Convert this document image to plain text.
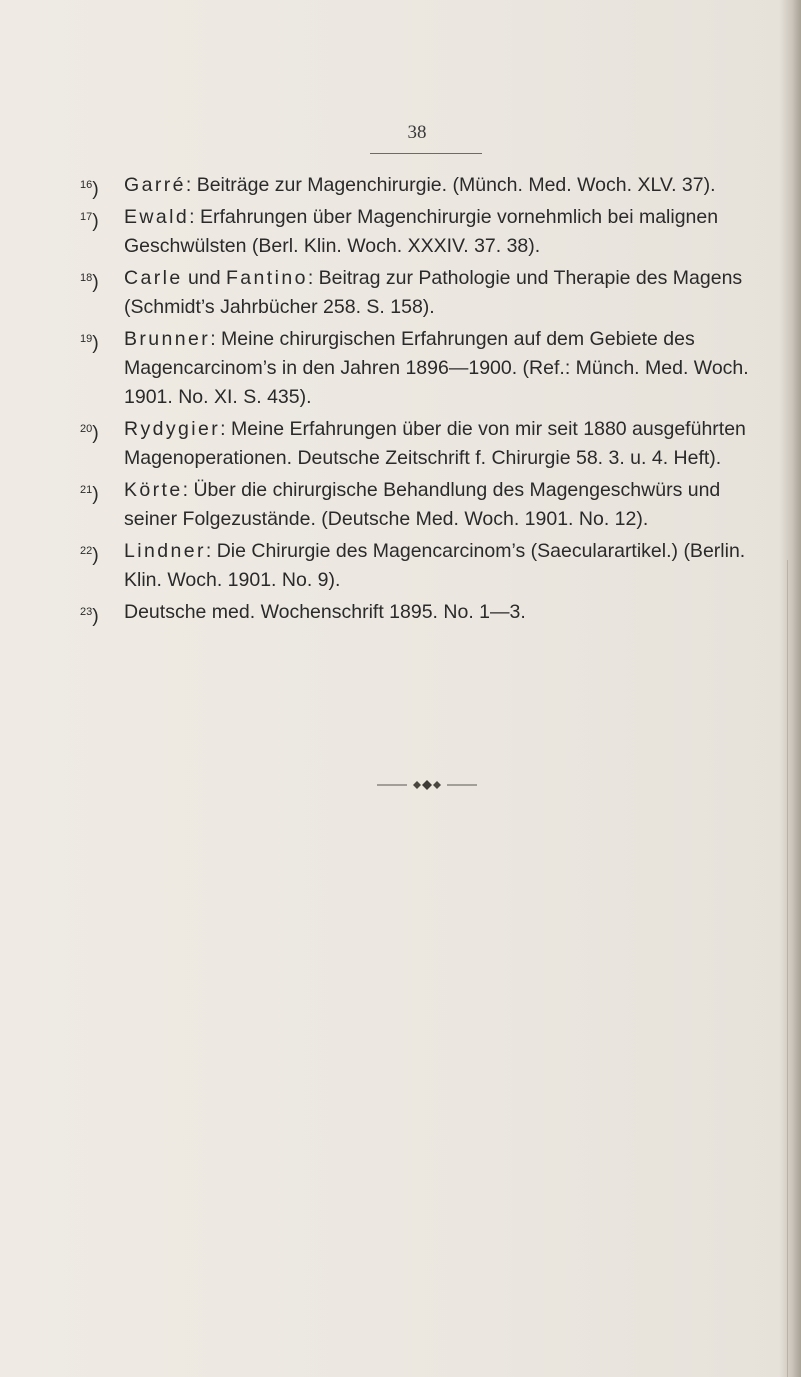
38
$^{16}$)	Garré: Beiträge zur Magenchirurgie. (Münch. Med. Woch. XLV. 37).
$^{17}$)	Ewald: Erfahrungen über Magenchirurgie vornehmlich bei malignen Geschwülsten (Berl. Klin. Woch. XXXIV. 37. 38).
$^{18}$)	Carle und Fantino: Beitrag zur Pathologie und Therapie des Magens (Schmidt’s Jahrbücher 258. S. 158).
$^{19}$)	Brunner: Meine chirurgischen Erfahrungen auf dem Gebiete des Magencarcinom’s in den Jahren 1896—1900. (Ref.: Münch. Med. Woch. 1901. No. XI. S. 435).
$^{20}$)	Rydygier: Meine Erfahrungen über die von mir seit 1880 ausgeführten Magenoperationen. Deutsche Zeitschrift f. Chirurgie 58. 3. u. 4. Heft).
$^{21}$)	Körte: Über die chirurgische Behandlung des Magengeschwürs und seiner Folgezustände. (Deutsche Med. Woch. 1901. No. 12).
$^{22}$)	Lindner: Die Chirurgie des Magencarcinom’s (Saecularartikel.) (Berlin. Klin. Woch. 1901. No. 9).
$^{23}$)	Deutsche med. Wochenschrift 1895. No. 1—3.
